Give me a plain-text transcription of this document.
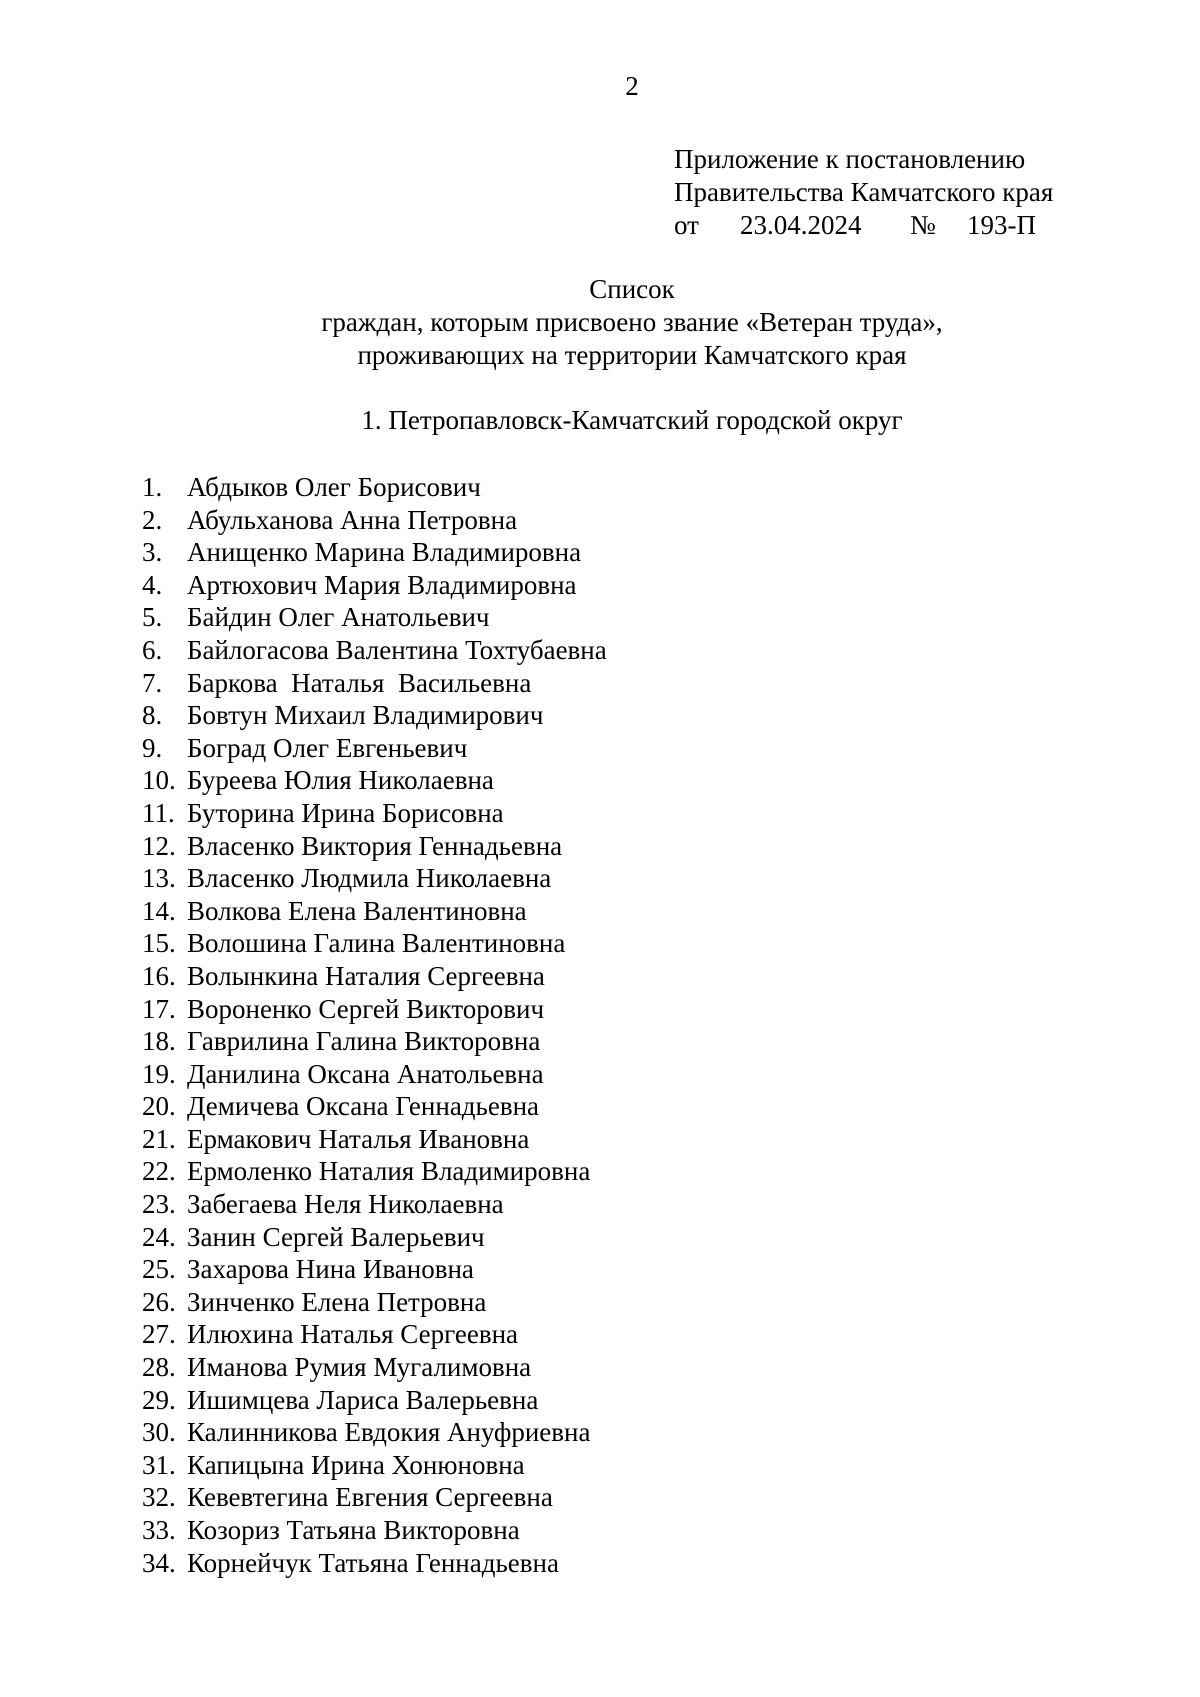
2
Приложение к постановлению
Правительства Камчатского края
от 23.04.2024 № 193-П
Список
граждан, которым присвоено звание «Ветеран труда»,
проживающих на территории Камчатского края
1. Петропавловск-Камчатский городской округ
1. Абдыков Олег Борисович
2. Абульханова Анна Петровна
3. Анищенко Марина Владимировна
4. Артюхович Мария Владимировна
5. Байдин Олег Анатольевич
6. Байлогасова Валентина Тохтубаевна
7. Баркова  Наталья  Васильевна
8. Бовтун Михаил Владимирович
9. Боград Олег Евгеньевич
10. Буреева Юлия Николаевна
11. Буторина Ирина Борисовна
12. Власенко Виктория Геннадьевна
13. Власенко Людмила Николаевна
14. Волкова Елена Валентиновна
15. Волошина Галина Валентиновна
16. Волынкина Наталия Сергеевна
17. Вороненко Сергей Викторович
18. Гаврилина Галина Викторовна
19. Данилина Оксана Анатольевна
20. Демичева Оксана Геннадьевна
21. Ермакович Наталья Ивановна
22. Ермоленко Наталия Владимировна
23. Забегаева Неля Николаевна
24. Занин Сергей Валерьевич
25. Захарова Нина Ивановна
26. Зинченко Елена Петровна
27. Илюхина Наталья Сергеевна
28. Иманова Румия Мугалимовна
29. Ишимцева Лариса Валерьевна
30. Калинникова Евдокия Ануфриевна
31. Капицына Ирина Хонюновна
32. Кевевтегина Евгения Сергеевна
33. Козориз Татьяна Викторовна
34. Корнейчук Татьяна Геннадьевна
